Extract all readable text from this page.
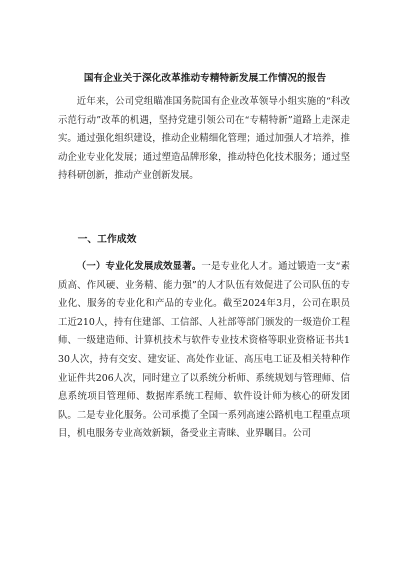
国有企业关于深化改革推动专精特新发展工作情况的报告
近年来，公司党组瞄准国务院国有企业改革领导小组实施的“科改示范行动”改革的机遇，坚持党建引领公司在“专精特新”道路上走深走实。通过强化组织建设，推动企业精细化管理；通过加强人才培养，推动企业专业化发展；通过塑造品牌形象，推动特色化技术服务；通过坚持科研创新，推动产业创新发展。
一、工作成效
（一）专业化发展成效显著。一是专业化人才。通过锻造一支“素质高、作风硬、业务精、能力强”的人才队伍有效促进了公司队伍的专业化、服务的专业化和产品的专业化。截至2024年3月，公司在职员工近210人，持有住建部、工信部、人社部等部门颁发的一级造价工程师、一级建造师、计算机技术与软件专业技术资格等职业资格证书共130人次，持有交安、建安证、高处作业证、高压电工证及相关特种作业证件共206人次，同时建立了以系统分析师、系统规划与管理师、信息系统项目管理师、数据库系统工程师、软件设计师为核心的研发团队。二是专业化服务。公司承揽了全国一系列高速公路机电工程重点项目，机电服务专业高效新颖，备受业主青睐、业界瞩目。公司
